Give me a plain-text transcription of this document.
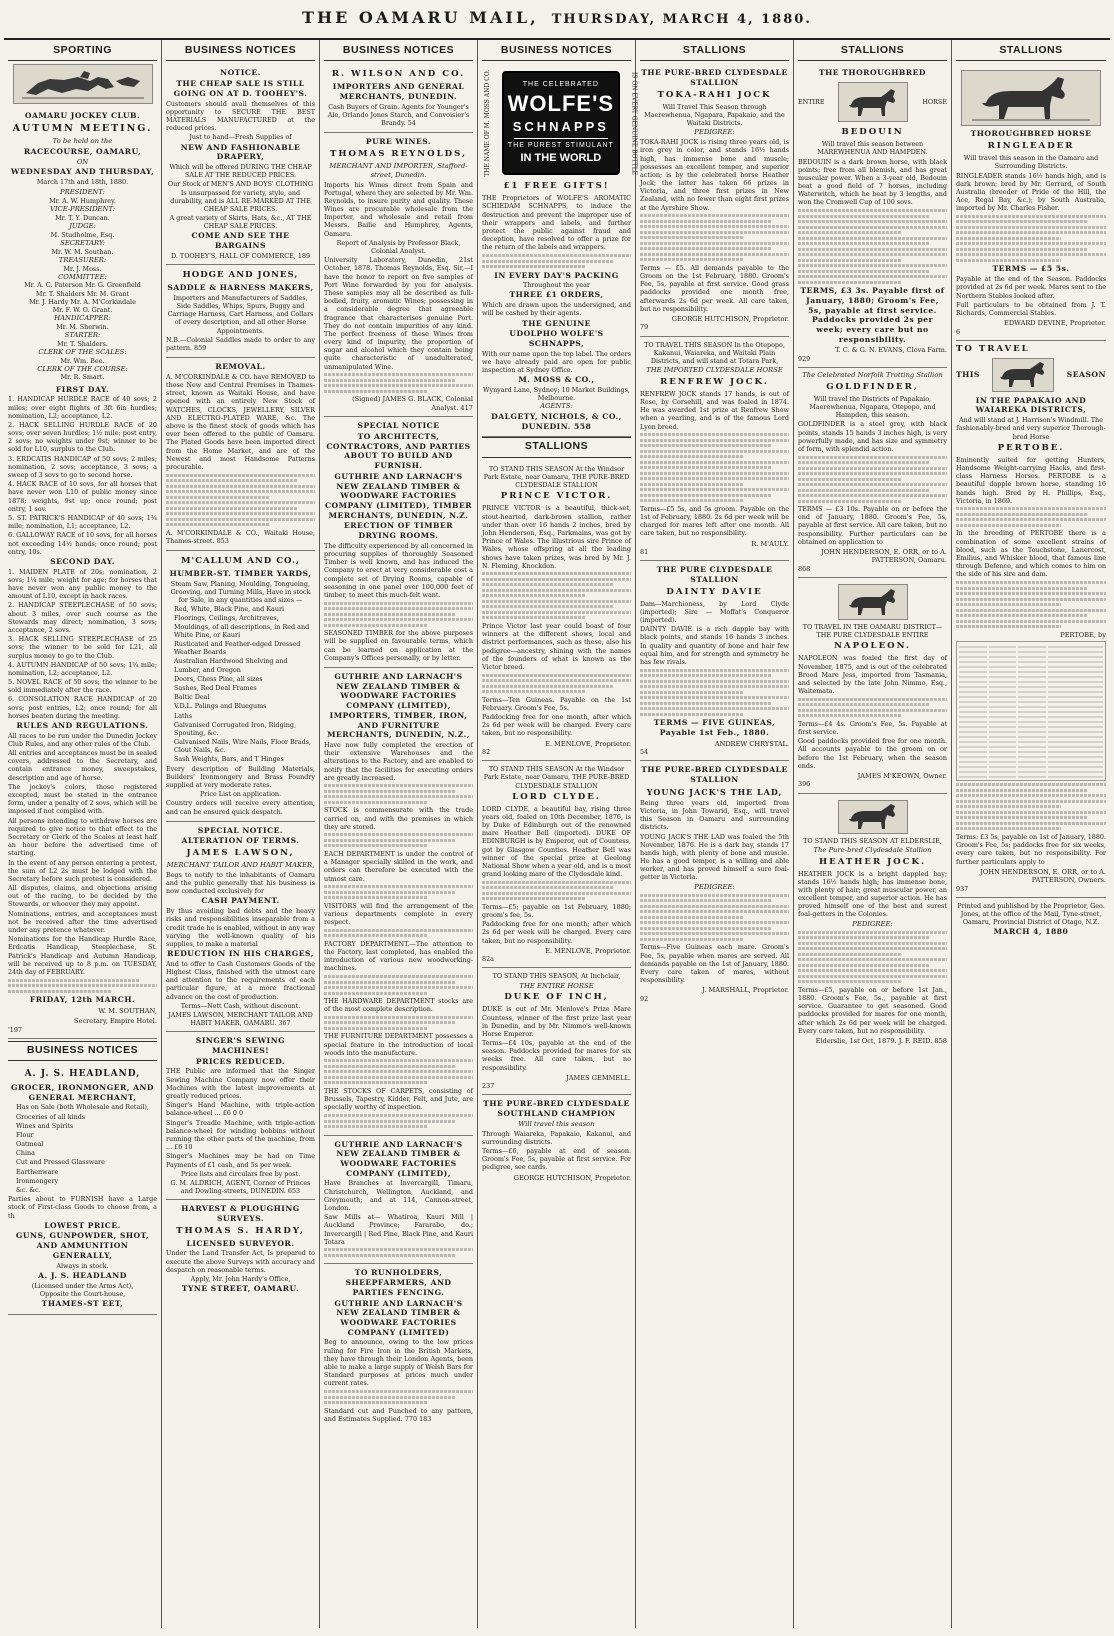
THE OAMARU MAIL, THURSDAY, MARCH 4, 1880.
SPORTING
OAMARU JOCKEY CLUB.
AUTUMN MEETING.
To be held on the
RACECOURSE, OAMARU,
ON
WEDNESDAY AND THURSDAY,
March 17th and 18th, 1880.
PRESIDENT:
Mr. A. W. Humphrey.
VICE-PRESIDENT:
Mr. T. Y. Duncan.
JUDGE:
M. Studholme, Esq.
SECRETARY:
Mr. W. M. Southan.
TREASURER:
Mr. J. Moss.
COMMITTEE:
Mr. A. C. Paterson Mr. G. Greenfield
Mr. T. Shalders Mr. M. Grant
Mr. J. Hardy Mr. A. M'Corkindale
Mr. F. W. O. Grant.
HANDICAPPER:
Mr. M. Sherwin.
STARTER:
Mr. T. Shalders.
CLERK OF THE SCALES:
Mr. Wm. Bee.
CLERK OF THE COURSE:
Mr. R. Smart.
FIRST DAY.

1. HANDICAP HURDLE RACE of 40 sovs; 2 miles; over eight flights of 3ft 6in hurdles; nomination, L2; acceptance, L2.

2. HACK SELLING HURDLE RACE of 20 sovs; over seven hurdles; 1½ mile; post entry, 2 sovs; no weights under 9st; winner to be sold for L10, surplus to the Club.

3. ERDCATIS HANDICAP of 50 sovs; 2 miles; nomination, 2 sovs; acceptance, 3 sovs; a sweep of 3 sovs to go to second horse.

4. HACK RACE of 10 sovs, for all horses that have never won L10 of public money since 1878; weights, 9st up; once round; post entry, 1 sov.

5. ST. PATRICK'S HANDICAP of 40 sovs; 1¾ mile; nomination, L1; acceptance, L2.

6. GALLOWAY RACE of 10 sovs, for all horses not exceeding 14½ hands; once round; post entry, 10s.

SECOND DAY.

1. MAIDEN PLATE of 20s; nomination, 2 sovs; 1¼ mile; weight for age; for horses that have never won any public money to the amount of L10, except in hack races.

2. HANDICAP STEEPLECHASE of 50 sovs; about 3 miles, over such course as the Stewards may direct; nomination, 3 sovs; acceptance, 2 sovs.

3. HACK SELLING STEEPLECHASE of 25 sovs; the winner to be sold for L21, all surplus money to go to the Club.

4. AUTUMN HANDICAP of 50 sovs; 1¾ mile; nomination, L2; acceptance, L2.

5. NOVEL RACE of 50 sovs; the winner to be sold immediately after the race.

6. CONSOLATION RACE HANDICAP of 20 sovs; post entries, L2; once round; for all horses beaten during the meeting.

RULES AND REGULATIONS.

All races to be run under the Dunedin Jockey Club Rules, and any other rules of the Club.

All entries and acceptances must be in sealed covers, addressed to the Secretary, and contain entrance money, sweepstakes, description and age of horse.

The jockey's colors, those registered excepted, must be stated in the entrance form, under a penalty of 2 sovs, which will be imposed if not complied with.

All persons intending to withdraw horses are required to give notice to that effect to the Secretary or Clerk of the Scales at least half an hour before the advertised time of starting.

In the event of any person entering a protest, the sum of L2 2s must be lodged with the Secretary before such protest is considered.

All disputes, claims, and objections arising out of the racing, to be decided by the Stewards, or whoever they may appoint.

Nominations, entries, and acceptances must not be received after the time advertised under any pretence whatever.

Nominations for the Handicap Hurdle Race, Erdcatis Handicap, Steeplechase, St. Patrick's Handicap and Autumn Handicap, will be received up to 8 p.m. on TUESDAY, 24th day of FEBRUARY.

FRIDAY, 12th MARCH.
W. M. SOUTHAN,
Secretary, Empire Hotel.
'197
BUSINESS NOTICES
A. J. S. HEADLAND,
GROCER, IRONMONGER, AND GENERAL MERCHANT,
Has on Sale (both Wholesale and Retail),
Groceries of all kinds
Wines and Spirits
Flour
Oatmeal
China
Cut and Pressed Glassware
Earthenware
Ironmongery
&c. &c.

Parties about to FURNISH have a Large stock of First-class Goods to choose from, a th

LOWEST PRICE.
GUNS, GUNPOWDER, SHOT, AND AMMUNITION GENERALLY,
Always in stock.
A. J. S. HEADLAND
(Licensed under the Arms Act),
Opposite the Court-house,
THAMES-ST EET,
BUSINESS NOTICES
NOTICE.
THE CHEAP SALE IS STILL GOING ON AT D. TOOHEY'S.

Customers should avail themselves of this opportunity to SECURE THE BEST MATERIALS MANUFACTURED at the reduced prices.

Just to hand—Fresh Supplies of

NEW AND FASHIONABLE DRAPERY,

Which will be offered DURING THE CHEAP SALE AT THE REDUCED PRICES.

Our Stock of MEN'S AND BOYS' CLOTHING Is unsurpassed for variety, style, and durability, and is ALL RE-MARKED AT THE CHEAP SALE PRICES.

A great variety of Skirts, Hats, &c., AT THE CHEAP SALE PRICES.

COME AND SEE THE BARGAINS
D. TOOHEY'S, HALL OF COMMERCE, 189
HODGE AND JONES,
SADDLE & HARNESS MAKERS,

Importers and Manufacturers of Saddles, Side Saddles, Whips, Spurs, Buggy and Carriage Harness, Cart Harness, and Collars of every description, and all other Horse Appointments.

N.B.—Colonial Saddles made to order to any pattern. 859

REMOVAL.

A. M'CORKINDALE & CO. have REMOVED to those New and Central Premises in Thames-street, known as Waitaki House, and have opened with an entirely New Stock of WATCHES, CLOCKS, JEWELLERY, SILVER AND ELECTRO-PLATED WARE, &c. The above is the finest stock of goods which has ever been offered to the public of Oamaru. The Plated Goods have been imported direct from the Home Market, and are of the Newest and most Handsome Patterns procurable.

A. M'CORKINDALE & CO., Waitaki House, Thames-street. 853

M'CALLUM AND CO.,
HUMBER-ST. TIMBER YARDS,

Steam Saw, Planing, Moulding, Tongueing, Grooving, and Turning Mills, Have in stock for Sale, in any quantities and sizes —

Red, White, Black Pine, and Kauri
Floorings, Ceilings, Architraves, Mouldings, of all descriptions, in Red and White Pine, or Kauri
Rusticated and Feather-edged Dressed Weather Boards
Australian Hardwood Shelving and Lumber, and Oregon
Doors, Chess Pine, all sizes
Sashes, Red Deal Frames
Baltic Deal
V.D.L. Palings and Bluegums
Laths
Galvanised Corrugated Iron, Ridging, Spouting, &c.
Galvanised Nails, Wire Nails, Floor Brads, Clout Nails, &c.
Sash Weights, Bars, and T Hinges

Every description of Building Materials, Builders' Ironmongery and Brass Foundry supplied at very moderate rates.

Price List on application.

Country orders will receive every attention, and can be ensured quick despatch.

SPECIAL NOTICE.
ALTERATION OF TERMS.
JAMES LAWSON,
MERCHANT TAILOR AND HABIT MAKER,

Begs to notify to the inhabitants of Oamaru and the public generally that his business is now conducted exclusively for

CASH PAYMENT.

By thus avoiding bad debts and the heavy risks and responsibilities inseparable from a credit trade he is enabled, without in any way varying the well-known quality of his supplies, to make a material

REDUCTION IN HIS CHARGES,

And to offer to Cash Customers Goods of the Highest Class, finished with the utmost care and attention to the requirements of each particular figure, at a more fractional advance on the cost of production.

Terms—Nett Cash, without discount.

JAMES LAWSON, MERCHANT TAILOR AND HABIT MAKER, OAMARU. 367
SINGER'S SEWING MACHINES!
PRICES REDUCED.

THE Public are informed that the Singer Sewing Machine Company now offer their Machines with the latest improvements at greatly reduced prices.

Singer's Hand Machine, with triple-action balance-wheel ... £6 0 0

Singer's Treadle Machine, with triple-action balance-wheel for winding bobbins without running the other parts of the machine, from ... £6 10

Singer's Machines may be had on Time Payments of £1 cash, and 5s per week.

Price lists and circulars free by post.

G. M. ALDRICH, AGENT, Corner of Princes and Dowling-streets, DUNEDIN. 653
HARVEST & PLOUGHING SURVEYS.
THOMAS S. HARDY,
LICENSED SURVEYOR.

Under the Land Transfer Act, Is prepared to execute the above Surveys with accuracy and despatch on reasonable terms.

Apply, Mr. John Hardy's Office,
TYNE STREET, OAMARU.
BUSINESS NOTICES
R. WILSON AND CO.
IMPORTERS AND GENERAL MERCHANTS, DUNEDIN.

Cash Buyers of Grain. Agents for Younger's Ale, Orlando Jones Starch, and Convoisier's Brandy. 54

PURE WINES.
THOMAS REYNOLDS,
MERCHANT AND IMPORTER, Stafford-street, Dunedin.

Imports his Wines direct from Spain and Portugal, where they are selected by Mr. Wm. Reynolds, to insure purity and quality. These Wines are procurable wholesale from the Importer, and wholesale and retail from Messrs. Bailie and Humphrey, Agents, Oamaru.

Report of Analysis by Professor Black, Colonial Analyst.

University Laboratory, Dunedin, 21st October, 1878. Thomas Reynolds, Esq. Sir,—I have the honor to report on five samples of Port Wine forwarded by you for analysis. These samples may all be described as full-bodied, fruity, aromatic Wines; possessing in a considerable degree that agreeable fragrance that characterises genuine Port. They do not contain impurities of any kind. The perfect freeness of these Wines from every kind of impurity, the proportion of sugar and alcohol which they contain being quite characteristic of unadulterated, unmanipulated Wine.

(Signed) JAMES G. BLACK, Colonial Analyst. 417
SPECIAL NOTICE
TO ARCHITECTS, CONTRACTORS, AND PARTIES ABOUT TO BUILD AND FURNISH.
GUTHRIE AND LARNACH'S NEW ZEALAND TIMBER & WOODWARE FACTORIES COMPANY (LIMITED), TIMBER MERCHANTS, DUNEDIN, N.Z.
ERECTION OF TIMBER DRYING ROOMS.

The difficulty experienced by all concerned in procuring supplies of thoroughly Seasoned Timber is well known, and has induced the Company to erect at very considerable cost a complete set of Drying Rooms, capable of seasoning in one panel over 100,000 feet of timber, to meet this much-felt want.

SEASONED TIMBER for the above purposes will be supplied on favourable terms, which can be learned on application at the Company's Offices personally, or by letter.

GUTHRIE AND LARNACH'S NEW ZEALAND TIMBER & WOODWARE FACTORIES COMPANY (LIMITED), IMPORTERS, TIMBER, IRON, AND FURNITURE MERCHANTS, DUNEDIN, N.Z.,

Have now fully completed the erection of their extensive Warehouses and the alterations to the Factory, and are enabled to notify that the facilities for executing orders are greatly increased.

STOCK is commensurate with the trade carried on, and with the premises in which they are stored.

EACH DEPARTMENT is under the control of a Manager specially skilled in the work, and orders can therefore be executed with the utmost care.

VISITORS will find the arrangement of the various departments complete in every respect.

FACTORY DEPARTMENT.—The attention to the Factory, last completed, has enabled the introduction of various new woodworking-machines.

THE HARDWARE DEPARTMENT stocks are of the most complete description.

THE FURNITURE DEPARTMENT possesses a special feature in the introduction of local woods into the manufacture.

THE STOCKS OF CARPETS, consisting of Brussels, Tapestry, Kidder, Felt, and Jute, are specially worthy of inspection.

GUTHRIE AND LARNACH'S NEW ZEALAND TIMBER & WOODWARE FACTORIES COMPANY (LIMITED),

Have Branches at Invercargill, Timaru, Christchurch, Wellington, Auckland, and Greymouth; and at 114, Cannon-street, London.

Saw Mills at— Whatiroa, Kauri Mill | Auckland Province; Fararabo, do.; Invercargill | Red Pine, Black Pine, and Kauri Totara

TO RUNHOLDERS, SHEEPFARMERS, AND PARTIES FENCING.
GUTHRIE AND LARNACH'S NEW ZEALAND TIMBER & WOODWARE FACTORIES COMPANY (LIMITED)

Beg to announce, owing to the low prices ruling for Fire Iron in the British Markets, they have through their London Agents, been able to make a large supply of Welsh Bars for Standard purposes at prices much under current rates.

Standard cut and Punched to any pattern, and Estimates Supplied. 770 183

BUSINESS NOTICES
THE NAME OF M. MOSS AND CO.	THE CELEBRATED
WOLFE'S
SCHNAPPS
THE PUREST STIMULANT
IN THE WORLD	IS ON EVERY GENUINE BOTTLE
£1 FREE GIFTS!

THE Proprietors of WOLFE'S AROMATIC SCHIEDAM SCHNAPPS, to induce the destruction and prevent the improper use of their wrappers and labels, and further protect the public against fraud and deception, have resolved to offer a prize for the return of the labels and wrappers.

IN EVERY DAY'S PACKING
Throughout the year
THREE £1 ORDERS,

Which are drawn upon the undersigned, and will be cashed by their agents.

THE GENUINE
UDOLPHO WOLFE'S SCHNAPPS,

With our name upon the top label. The orders we have already paid are open for public inspection at Sydney Office.

M. MOSS & CO.,
Wynyard Lane, Sydney; 10 Market Buildings, Melbourne.
AGENTS:
DALGETY, NICHOLS, & CO., DUNEDIN. 558
STALLIONS

TO STAND THIS SEASON At the Windsor Park Estate, near Oamaru, THE PURE-BRED CLYDESDALE STALLION

PRINCE VICTOR.

PRINCE VICTOR is a beautiful, thick-set, stout-hearted, dark-brown stallion, rather under than over 16 hands 2 inches, bred by John Henderson, Esq., Parkmains, was got by Prince of Wales. The illustrious sire Prince of Wales, whose offspring at all the leading shows have taken prizes, was bred by Mr. J. N. Fleming, Knockdon.

Prince Victor last year could boast of four winners at the different shows, local and district performances, such as these, also his pedigree—ancestry, shining with the names of the founders of what is known as the Victor breed.

Terms—Ten Guineas. Payable on the 1st February. Groom's Fee, 5s.

Paddocking free for one month, after which 2s 6d per week will be charged. Every care taken, but no responsibility.

E. MENLOVE, Proprietor.
82

TO STAND THIS SEASON At the Windsor Park Estate, near Oamaru, THE PURE-BRED CLYDESDALE STALLION

LORD CLYDE.

LORD CLYDE, a beautiful bay, rising three years old, foaled on 10th December, 1876, is by Duke of Edinburgh out of the renowned mare Heather Bell (imported). DUKE OF EDINBURGH is by Emperor, out of Countess, got by Glasgow Counties. Heather Bell was winner of the special prize at Geelong National Show when a year old, and is a most grand looking mare of the Clydesdale kind.

Terms—£5; payable on 1st February, 1880; groom's fee, 5s.

Paddocking free for one month; after which 2s 6d per week will be charged. Every care taken, but no responsibility.

E. MENLOVE, Proprietor.
82a

TO STAND THIS SEASON, At Inchclair,

THE ENTIRE HORSE
DUKE OF INCH,

DUKE is out of Mr. Menlove's Prize Mare Countess, winner of the first prize last year in Dunedin, and by Mr. Nimmo's well-known Horse Emperor.

Terms—£4 10s, payable at the end of the season. Paddocks provided for mares for six weeks free. All care taken, but no responsibility.

JAMES GEMMELL.
237
THE PURE-BRED CLYDESDALE SOUTHLAND CHAMPION
Will travel this season

Through Waiareka, Papakaio, Kakanui, and surrounding districts.

Terms—£6, payable at end of season. Groom's Fee, 5s, payable at first service. For pedigree, see cards.

GEORGE HUTCHISON, Proprietor.
STALLIONS
THE PURE-BRED CLYDESDALE STALLION
TOKA-RAHI JOCK

Will Travel This Season through Maerewhenua, Ngapara, Papakaio, and the Waitaki Districts.

PEDIGREE:

TOKA-RAHI JOCK is rising three years old, is iron grey in color, and stands 16½ hands high, has immense bone and muscle; possesses an excellent temper, and superior action; is by the celebrated horse Heather Jock; the latter has taken 66 prizes in Victoria, and three first prizes in New Zealand, with no fewer than eight first prizes at the Ayrshire Show.

Terms — £5. All demands payable to the Groom on the 1st February, 1880. Groom's Fee, 5s, payable at first service. Good grass paddocks provided one month free, afterwards 2s 6d per week. All care taken, but no responsibility.

GEORGE HUTCHISON, Proprietor.
79

TO TRAVEL THIS SEASON In the Otepopo, Kakanui, Waiareka, and Waitaki Plain Districts, and will stand at Totara Park,

THE IMPORTED CLYDESDALE HORSE
RENFREW JOCK.

RENFREW JOCK stands 17 hands, is out of Rose, by Corsehill, and was foaled in 1874. He was awarded 1st prize at Renfrew Show when a yearling, and is of the famous Lord Lyon breed.

Terms—£5 5s, and 5s groom. Payable on the 1st of February, 1880. 2s 6d per week will be charged for mares left after one month. All care taken, but no responsibility.

R. M'AULY.
81
THE PURE CLYDESDALE STALLION
DAINTY DAVIE

Dam—Marchioness, by Lord Clyde (imported); Sire — Moffat's Conqueror (imported).

DAINTY DAVIE is a rich dapple bay with black points, and stands 16 hands 3 inches. In quality and quantity of bone and hair few equal him, and for strength and symmetry he has few rivals.

TERMS — FIVE GUINEAS, Payable 1st Feb., 1880.
ANDREW CHRYSTAL.
54
THE PURE-BRED CLYDESDALE STALLION
YOUNG JACK'S THE LAD,

Being three years old, imported from Victoria, in John Towarid, Esq., will travel this Season in Oamaru and surrounding districts.

YOUNG JACK'S THE LAD was foaled the 5th November, 1876. He is a dark bay, stands 17 hands high, with plenty of bone and muscle. He has a good temper, is a willing and able worker, and has proved himself a sure foal-getter in Victoria.

PEDIGREE:

Terms—Five Guineas each mare. Groom's Fee, 5s, payable when mares are served. All demands payable on the 1st of January, 1880. Every care taken of mares, without responsibility.

J. MARSHALL, Proprietor.
92
STALLIONS
THE THOROUGHBRED
ENTIRE	HORSE
BEDOUIN

Will travel this season between MAREWHENUA AND HAMPDEN.

BEDOUIN is a dark brown horse, with black points; free from all blemish, and has great muscular power. When a 3-year old, Bedouin beat a good field of 7 horses, including Waterwitch, which he beat by 3 lengths, and won the Cromwell Cup of 100 sovs.

TERMS, £3 3s. Payable first of January, 1880; Groom's Fee, 5s, payable at first service. Paddocks provided 2s per week; every care but no responsibility.
T. C. & G. N. EVANS, Clova Farm.
929
The Celebrated Norfolk Trotting Stallion
GOLDFINDER,

Will travel the Districts of Papakaio, Maerewhenua, Ngapara, Otepopo, and Hampden, this season.

GOLDFINDER is a steel grey, with black points, stands 15 hands 3 inches high, is very powerfully made, and has size and symmetry of form, with splendid action.

TERMS — £3 10s. Payable on or before the end of January, 1880. Groom's Fee, 5s, payable at first service. All care taken, but no responsibility. Further particulars can be obtained on application to

JOHN HENDERSON, E. ORR, or to A. PATTERSON, Oamaru.
868

TO TRAVEL IN THE OAMARU DISTRICT— THE PURE CLYDESDALE ENTIRE

NAPOLEON.

NAPOLEON was foaled the first day of November, 1875, and is out of the celebrated Brood Mare Jess, imported from Tasmania, and selected by the late John Nimmo, Esq., Waitemata.

Terms—£4 4s. Groom's Fee, 5s. Payable at first service.

Good paddocks provided free for one month. All accounts payable to the groom on or before the 1st February, when the season ends.

JAMES M'KEOWN, Owner.
396

TO STAND THIS SEASON AT ELDERSLIE,

The Pure-bred Clydesdale Stallion
HEATHER JOCK.

HEATHER JOCK is a bright dappled bay; stands 16½ hands high; has immense bone, with plenty of hair; great muscular power, an excellent temper, and superior action. He has proved himself one of the best and surest foal-getters in the Colonies.

PEDIGREE:

Terms—£5, payable on or before 1st Jan., 1880. Groom's Fee, 5s., payable at first service. Guarantee to get seasoned. Good paddocks provided for mares for one month, after which 2s 6d per week will be charged. Every care taken, but no responsibility.

Elderslie, 1st Oct, 1879. J. F. REID. 858
STALLIONS
THOROUGHBRED HORSE
RINGLEADER

Will travel this season in the Oamaru and Surrounding Districts.

RINGLEADER stands 16½ hands high, and is dark brown; bred by Mr. Gerrard, of South Australia (breeder of Pride of the Hill, the Ace, Regal Bay, &c.); by South Australia, imported by Mr. Charles Fisher.

TERMS — £5 5s.

Payable at the end of the Season. Paddocks provided at 2s 6d per week. Mares sent to the Northern Stables looked after.

Full particulars to be obtained from J. T. Richards, Commercial Stables.

EDWARD DEVINE, Proprietor.
6
TO TRAVEL
THIS	SEASON
IN THE PAPAKAIO AND WAIAREKA DISTRICTS,

And will stand at J. Harrison's Windmill. The fashionably-bred and very superior Thorough-bred Horse

PERTOBE.

Eminently suited for getting Hunters, Handsome Weight-carrying Hacks, and first-class Harness Horses. PERTOBE is a beautiful dapple brown horse, standing 16 hands high. Bred by H. Phillips, Esq., Victoria, in 1869.

In the breeding of PERTOBE there is a combination of some excellent strains of blood, such as the Touchstone, Lanercost, Emilius, and Whisker blood, that famous line through Defence, and which comes to him on the side of his sire and dam.

PERTOBE, by

Terms: £3 5s, payable on 1st of January, 1880. Groom's Fee, 5s; paddocks free for six weeks, every care taken, but no responsibility. For further particulars apply to

JOHN HENDERSON, E. ORR, or to A. PATTERSON, Owners.
937

Printed and published by the Proprietor, Geo. Jones, at the office of the Mail, Tyne-street, Oamaru, Provincial District of Otago, N.Z.

MARCH 4, 1880
